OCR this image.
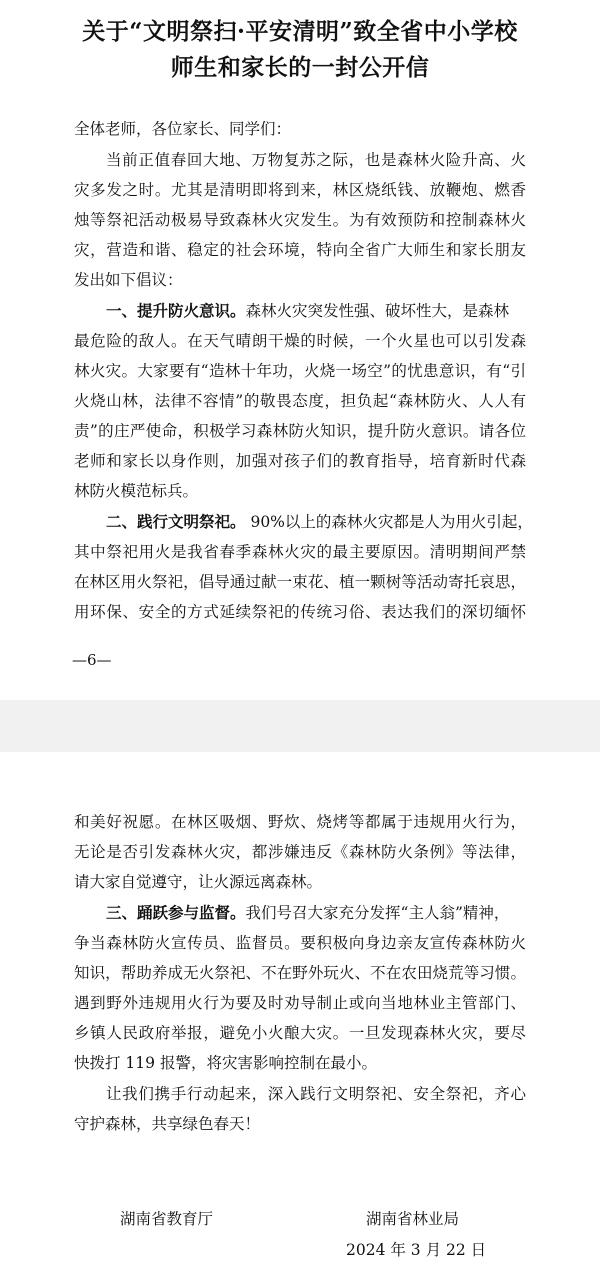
关于“文明祭扫·平安清明”致全省中小学校
师生和家长的一封公开信
全体老师，各位家长、同学们：
当前正值春回大地、万物复苏之际，也是森林火险升高、火
灾多发之时。尤其是清明即将到来，林区烧纸钱、放鞭炮、燃香
烛等祭祀活动极易导致森林火灾发生。为有效预防和控制森林火
灾，营造和谐、稳定的社会环境，特向全省广大师生和家长朋友
发出如下倡议：
一、提升防火意识。森林火灾突发性强、破坏性大，是森林
最危险的敌人。在天气晴朗干燥的时候，一个火星也可以引发森
林火灾。大家要有“造林十年功，火烧一场空”的忧患意识，有“引
火烧山林，法律不容情”的敬畏态度，担负起“森林防火、人人有
责”的庄严使命，积极学习森林防火知识，提升防火意识。请各位
老师和家长以身作则，加强对孩子们的教育指导，培育新时代森
林防火模范标兵。
二、践行文明祭祀。 90%以上的森林火灾都是人为用火引起，
其中祭祀用火是我省春季森林火灾的最主要原因。清明期间严禁
在林区用火祭祀，倡导通过献一束花、植一颗树等活动寄托哀思，
用环保、安全的方式延续祭祀的传统习俗、表达我们的深切缅怀
—6—
和美好祝愿。在林区吸烟、野炊、烧烤等都属于违规用火行为，
无论是否引发森林火灾，都涉嫌违反《森林防火条例》等法律，
请大家自觉遵守，让火源远离森林。
三、踊跃参与监督。我们号召大家充分发挥“主人翁”精神，
争当森林防火宣传员、监督员。要积极向身边亲友宣传森林防火
知识，帮助养成无火祭祀、不在野外玩火、不在农田烧荒等习惯。
遇到野外违规用火行为要及时劝导制止或向当地林业主管部门、
乡镇人民政府举报，避免小火酿大灾。一旦发现森林火灾，要尽
快拨打 119 报警，将灾害影响控制在最小。
让我们携手行动起来，深入践行文明祭祀、安全祭祀，齐心
守护森林，共享绿色春天！
湖南省教育厅	湖南省林业局
2024 年 3 月 22 日
